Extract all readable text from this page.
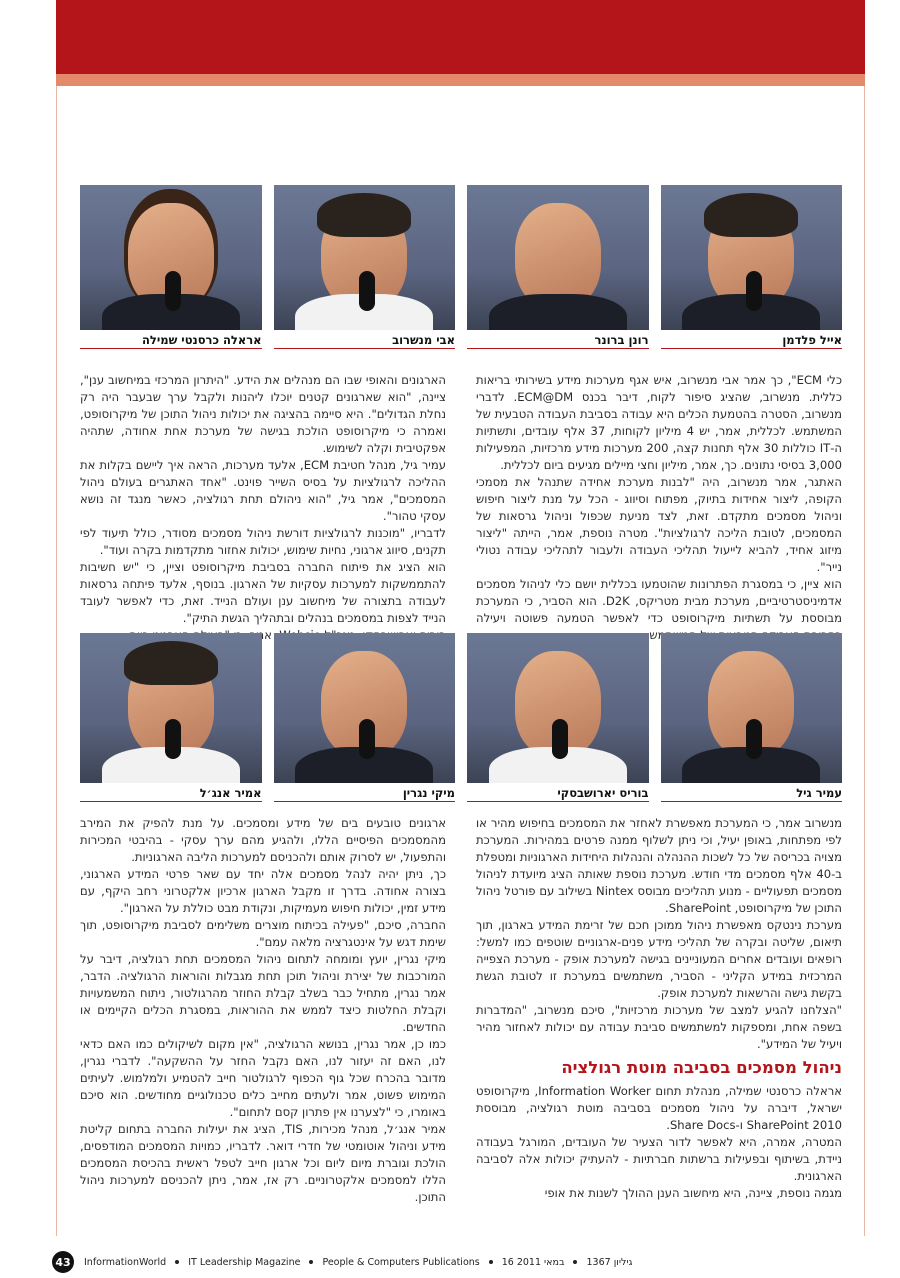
אייל פלדמן
רונן ברונר
אבי מנשרוב
אראלה כרסנטי שמילה

כלי ECM", כך אמר אבי מנשרוב, איש אגף מערכות מידע בשירותי בריאות כללית. מנשרוב, שהציג סיפור לקוח, דיבר בכנס ECM@DM. לדברי מנשרוב, הסטרה בהטמעת הכלים היא עבודה בסביבת העבודה הטבעית של המשתמש. לכללית, אמר, יש 4 מיליון לקוחות, 37 אלף עובדים, ותשתיות ה-IT כוללות 30 אלף תחנות קצה, 200 מערכות מידע מרכזיות, המפעילות 3,000 בסיסי נתונים. כך, אמר, מיליון וחצי מיילים מגיעים ביום לכללית.

האתגר, אמר מנשרוב, היה "לבנות מערכת אחידה שתנהל את מסמכי הקופה, ליצור אחידות בתיוק, מפתוח וסיווג - הכל על מנת ליצור חיפוש וניהול מסמכים מתקדם. זאת, לצד מניעת שכפול וניהול גרסאות של המסמכים, לטובת הליכה לרגולציות". מטרה נוספת, אמר, הייתה "ליצור מיזוג אחיד, להביא לייעול תהליכי העבודה ולעבור לתהליכי עבודה נטולי נייר".

הוא ציין, כי במסגרת הפתרונות שהוטמעו בכללית יושם כלי לניהול מסמכים אדמיניסטרטיביים, מערכת מבית מטריקס, D2K. הוא הסביר, כי המערכת מבוססת על תשתיות מיקרוסופט כדי לאפשר הטמעה פשוטה ויעילה

הארגונים והאופי שבו הם מנהלים את הידע. "היתרון המרכזי במיחשוב ענן", ציינה, "הוא שארגונים קטנים יוכלו ליהנות ולקבל ערך שבעבר היה רק נחלת הגדולים". היא סיימה בהציגה את יכולות ניהול התוכן של מיקרוסופט, ואמרה כי מיקרוסופט הולכת בגישה של מערכת אחת אחודה, שתהיה אפקטיבית וקלה לשימוש.

עמיר גיל, מנהל חטיבת ECM, אלעד מערכות, הראה איך ליישם בקלות את ההליכה לרגולציות על בסיס השייר פוינט. "אחד האתגרים בעולם ניהול המסמכים", אמר גיל, "הוא ניהולם תחת רגולציה, כאשר מנגד זה נושא עסקי טהור".

לדבריו, "מוכנות לרגולציות דורשת ניהול מסמכים מסודר, כולל תיעוד לפי תקנים, סיווג ארגוני, נחיות שימוש, יכולות אחזור מתקדמות בקרה ועוד".

הוא הציג את פיתוח החברה בסביבת מיקרוסופט וציין, כי "יש חשיבות להתממשקות למערכות עסקיות של הארגון. בנוסף, אלעד פיתחה גרסאות לעבודה בתצורה של מיחשוב ענן ועולם הנייד. זאת, כדי לאפשר לעובד הנייד לצפות במסמכים בנהלים ובתהליך הגשת התיק".

עמיר גיל
בוריס יארושבסקי
מיקי נגרין
אמיר אנג׳ל

מנשרוב אמר, כי המערכת מאפשרת לאחזר את המסמכים בחיפוש מהיר או לפי מפתחות, באופן יעיל, וכי ניתן לשלוף ממנה פרטים במהירות. המערכת מצויה בכריסה של כל לשכות ההנהלה והנהלות היחידות הארגוניות ומטפלת ב-40 אלף מסמכים מדי חודש. מערכת נוספת שאותה הציג מיועדת לניהול מסמכים תפעוליים - מנוע תהליכים מבוסס Nintex בשילוב עם פורטל ניהול התוכן של מיקרוסופט, SharePoint.

מערכת נינטקס מאפשרת ניהול ממוכן חכם של זרימת המידע בארגון, תוך תיאום, שליטה ובקרה של תהליכי מידע פנים-ארגוניים שוטפים כמו למשל: רופאים ועובדים אחרים המעוניינים בגישה למערכת אופק - מערכת הצפייה המרכזית במידע הקליני - הסביר, משתמשים במערכת זו לטובת הגשת בקשת גישה והרשאות למערכת אופק.

"הצלחנו להגיע למצב של מערכות מרכזיות", סיכם מנשרוב, "המדברות בשפה אחת, ומספקות למשתמשים סביבת עבודה עם יכולות לאחזור מהיר ויעיל של המידע".

ניהול מסמכים בסביבה מוטת רגולציה

אראלה כרסנטי שמילה, מנהלת תחום Information Worker, מיקרוסופט ישראל, דיברה על ניהול מסמכים בסביבה מוטת רגולציה, מבוססת SharePoint 2010 ו-Share Docs.

המטרה, אמרה, היא לאפשר לדור הצעיר של העובדים, המורגל בעבודה ניידת, בשיתוף ובפעילות ברשתות חברתיות - להעתיק יכולות אלה לסביבה הארגונית.

מגמה נוספת, ציינה, היא מיחשוב הענן ההולך לשנות את אופי

ארגונים טובעים בים של מידע ומסמכים. על מנת להפיק את המירב מהמסמכים הפיסיים הללו, ולהגיע מהם ערך עסקי - בהיבטי המכירות והתפעול, יש לסרוק אותם ולהכניסם למערכות הליבה הארגוניות.

כך, ניתן יהיה לנהל מסמכים אלה יחד עם שאר פרטי המידע הארגוני, בצורה אחודה. בדרך זו מקבל הארגון ארכיון אלקטרוני רחב היקף, עם מידע זמין, יכולות חיפוש מעמיקות, ונקודת מבט כוללת על הארגון".

החברה, סיכם, "פעילה בכיתוח מוצרים משלימים לסביבת מיקרוסופט, תוך שימת דגש על אינטגרציה מלאה עמם".

מיקי נגרין, יועץ ומומחה לתחום ניהול המסמכים תחת רגולציה, דיבר על המורכבות של יצירת וניהול תוכן תחת מגבלות והוראות הרגולציה. הדבר, אמר נגרין, מתחיל כבר בשלב קבלת החוזר מהרגולטור, ניתוח המשמעויות וקבלת החלטות כיצד לממש את ההוראות, במסגרת הכלים הקיימים או החדשים.

כמו כן, אמר נגרין, בנושא הרגולציה, "אין מקום לשיקולים כמו האם כדאי לנו, האם זה יעזור לנו, האם נקבל החזר על ההשקעה". לדברי נגרין, מדובר בהכרח שכל גוף הכפוף לרגולטור חייב להטמיע ולמלמוש. לעיתים המימוש פשוט, אמר ולעתים מחייב כלים טכנולוגיים מחודשים. הוא סיכם באומרו, כי "לצערנו אין פתרון קסם לתחום".

אמיר אנג׳ל, מנהל מכירות, TIS, הציג את יעילות החברה בתחום קליטת מידע וניהול אוטומטי של חדרי דואר. לדבריו, כמויות המסמכים המודפסים, הולכת וגוברת מיום ליום וכל ארגון חייב לטפל ראשית בהכיסת המסמכים הללו למסמכים אלקטרוניים. רק אז, אמר, ניתן להכניסם למערכות ניהול התוכן.

43	InformationWorld IT Leadership Magazine People & Computers Publications 16 במאי 2011 גיליון 1367
